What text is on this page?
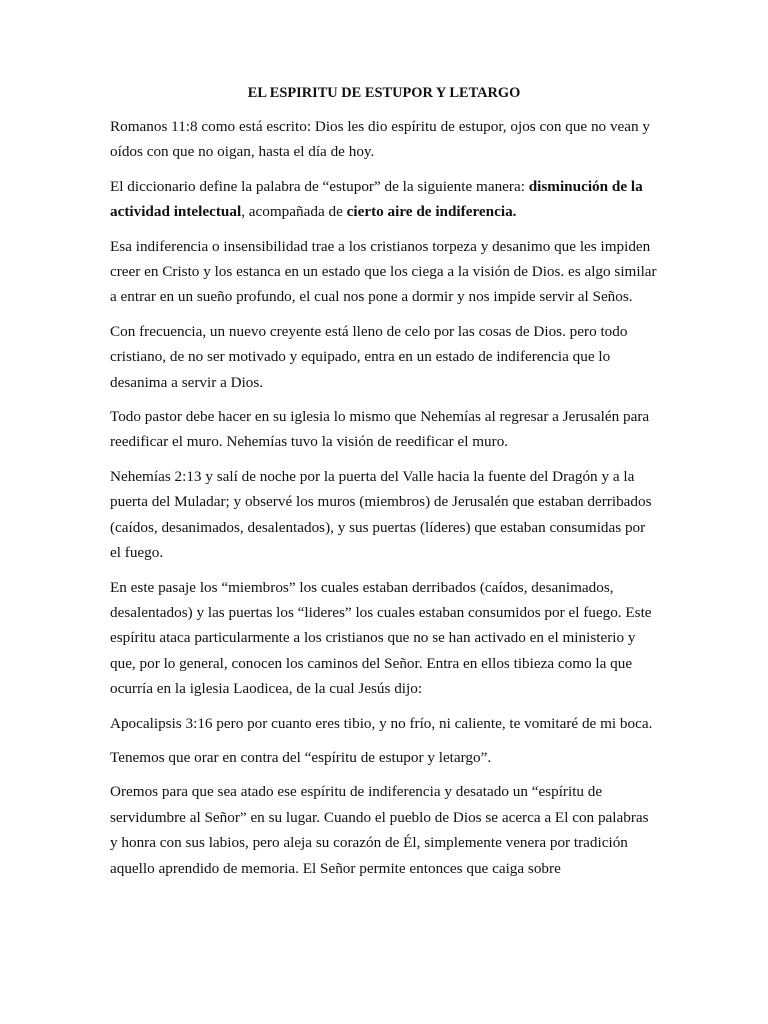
EL ESPIRITU DE ESTUPOR Y LETARGO

Romanos 11:8 como está escrito: Dios les dio espíritu de estupor, ojos con que no vean y oídos con que no oigan, hasta el día de hoy.

El diccionario define la palabra de “estupor” de la siguiente manera: disminución de la actividad intelectual, acompañada de cierto aire de indiferencia.

Esa indiferencia o insensibilidad trae a los cristianos torpeza y desanimo que les impiden creer en Cristo y los estanca en un estado que los ciega a la visión de Dios. es algo similar a entrar en un sueño profundo, el cual nos pone a dormir y nos impide servir al Seños.

Con frecuencia, un nuevo creyente está lleno de celo por las cosas de Dios. pero todo cristiano, de no ser motivado y equipado, entra en un estado de indiferencia que lo desanima a servir a Dios.

Todo pastor debe hacer en su iglesia lo mismo que Nehemías al regresar a Jerusalén para reedificar el muro. Nehemías tuvo la visión de reedificar el muro.

Nehemías 2:13 y salí de noche por la puerta del Valle hacia la fuente del Dragón y a la puerta del Muladar; y observé los muros (miembros) de Jerusalén que estaban derribados (caídos, desanimados, desalentados), y sus puertas (líderes) que estaban consumidas por el fuego.

En este pasaje los “miembros” los cuales estaban derribados (caídos, desanimados, desalentados) y las puertas los “lideres” los cuales estaban consumidos por el fuego. Este espíritu ataca particularmente a los cristianos que no se han activado en el ministerio y que, por lo general, conocen los caminos del Señor. Entra en ellos tibieza como la que ocurría en la iglesia Laodicea, de la cual Jesús dijo:

Apocalipsis 3:16 pero por cuanto eres tibio, y no frío, ni caliente, te vomitaré de mi boca.

Tenemos que orar en contra del “espíritu de estupor y letargo”.

Oremos para que sea atado ese espíritu de indiferencia y desatado un “espíritu de servidumbre al Señor” en su lugar. Cuando el pueblo de Dios se acerca a El con palabras y honra con sus labios, pero aleja su corazón de Él, simplemente venera por tradición aquello aprendido de memoria. El Señor permite entonces que caiga sobre
